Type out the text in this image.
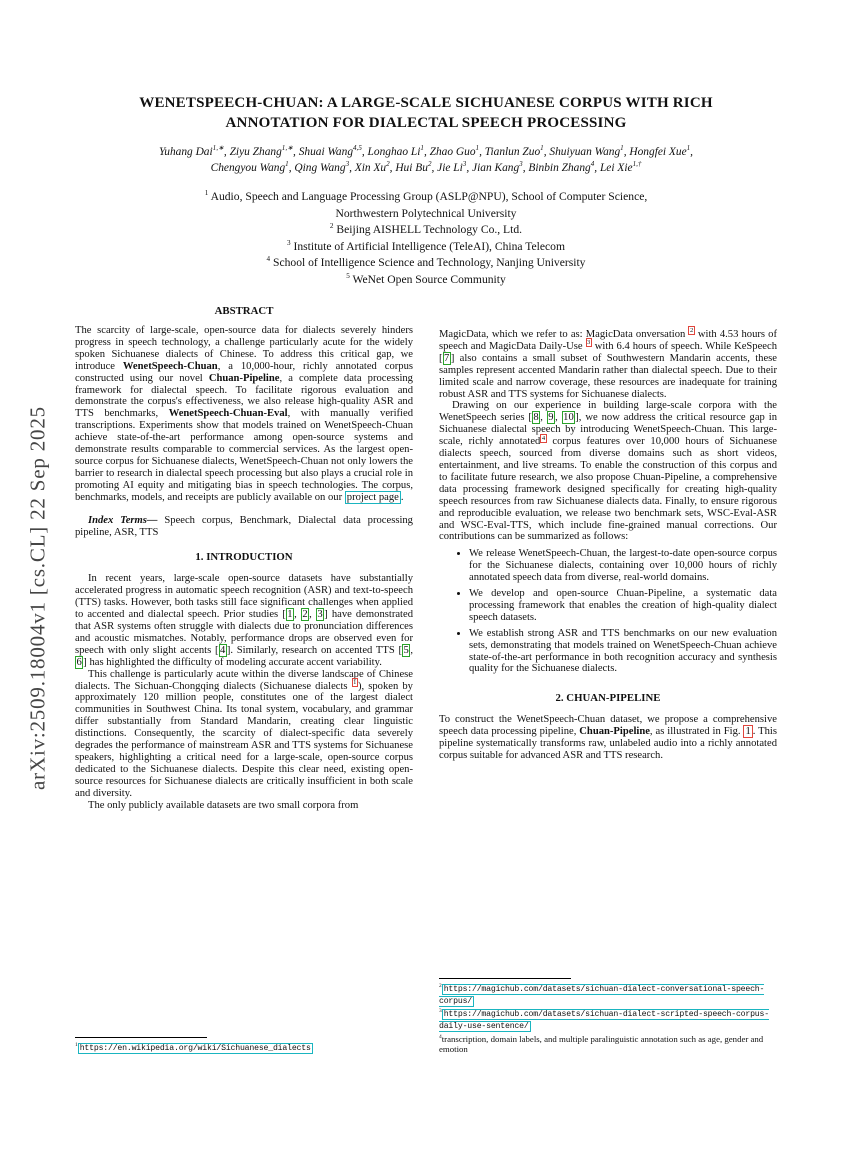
arXiv:2509.18004v1 [cs.CL] 22 Sep 2025
WENETSPEECH-CHUAN: A LARGE-SCALE SICHUANESE CORPUS WITH RICH
ANNOTATION FOR DIALECTAL SPEECH PROCESSING
Yuhang Dai$^{1,∗}$, Ziyu Zhang$^{1,∗}$, Shuai Wang$^{4,5}$, Longhao Li$^1$, Zhao Guo$^1$, Tianlun Zuo$^1$, Shuiyuan Wang$^1$, Hongfei Xue$^1$,
Chengyou Wang$^1$, Qing Wang$^3$, Xin Xu$^2$, Hui Bu$^2$, Jie Li$^3$, Jian Kang$^3$, Binbin Zhang$^4$, Lei Xie$^{1,\dagger}$
$^1$ Audio, Speech and Language Processing Group (ASLP@NPU), School of Computer Science,
Northwestern Polytechnical University
$^2$ Beijing AISHELL Technology Co., Ltd.
$^3$ Institute of Artificial Intelligence (TeleAI), China Telecom
$^4$ School of Intelligence Science and Technology, Nanjing University
$^5$ WeNet Open Source Community
ABSTRACT

The scarcity of large-scale, open-source data for dialects severely hinders progress in speech technology, a challenge particularly acute for the widely spoken Sichuanese dialects of Chinese. To address this critical gap, we introduce WenetSpeech-Chuan, a 10,000-hour, richly annotated corpus constructed using our novel Chuan-Pipeline, a complete data processing framework for dialectal speech. To facilitate rigorous evaluation and demonstrate the corpus's effectiveness, we also release high-quality ASR and TTS benchmarks, WenetSpeech-Chuan-Eval, with manually verified transcriptions. Experiments show that models trained on WenetSpeech-Chuan achieve state-of-the-art performance among open-source systems and demonstrate results comparable to commercial services. As the largest open-source corpus for Sichuanese dialects, WenetSpeech-Chuan not only lowers the barrier to research in dialectal speech processing but also plays a crucial role in promoting AI equity and mitigating bias in speech technologies. The corpus, benchmarks, models, and receipts are publicly available on our project page .

Index Terms— Speech corpus, Benchmark, Dialectal data processing pipeline, ASR, TTS

1. INTRODUCTION

In recent years, large-scale open-source datasets have substantially accelerated progress in automatic speech recognition (ASR) and text-to-speech (TTS) tasks. However, both tasks still face significant challenges when applied to accented and dialectal speech. Prior studies [ 1 , 2 , 3 ] have demonstrated that ASR systems often struggle with dialects due to pronunciation differences and acoustic mismatches. Notably, performance drops are observed even for speech with only slight accents [ 4 ]. Similarly, research on accented TTS [ 5 , 6 ] has highlighted the difficulty of modeling accurate accent variability.

This challenge is particularly acute within the diverse landscape of Chinese dialects. The Sichuan-Chongqing dialects (Sichuanese dialects $^1$ ), spoken by approximately 120 million people, constitutes one of the largest dialect communities in Southwest China. Its tonal system, vocabulary, and grammar differ substantially from Standard Mandarin, creating clear linguistic distinctions. Consequently, the scarcity of dialect-specific data severely degrades the performance of mainstream ASR and TTS systems for Sichuanese speakers, highlighting a critical need for a large-scale, open-source corpus dedicated to the Sichuanese dialects. Despite this clear need, existing open-source resources for Sichuanese dialects are critically insufficient in both scale and diversity.

The only publicly available datasets are two small corpora from

$^1$ https://en.wikipedia.org/wiki/Sichuanese_dialects

MagicData, which we refer to as: MagicData onversation $^2$ with 4.53 hours of speech and MagicData Daily-Use $^3$ with 6.4 hours of speech. While KeSpeech [ 7 ] also contains a small subset of Southwestern Mandarin accents, these samples represent accented Mandarin rather than dialectal speech. Due to their limited scale and narrow coverage, these resources are inadequate for training robust ASR and TTS systems for Sichuanese dialects.

Drawing on our experience in building large-scale corpora with the WenetSpeech series [ 8 , 9 , 10 ], we now address the critical resource gap in Sichuanese dialectal speech by introducing WenetSpeech-Chuan. This large-scale, richly annotated $^4$ corpus features over 10,000 hours of Sichuanese dialects speech, sourced from diverse domains such as short videos, entertainment, and live streams. To enable the construction of this corpus and to facilitate future research, we also propose Chuan-Pipeline, a comprehensive data processing framework designed specifically for creating high-quality speech resources from raw Sichuanese dialects data. Finally, to ensure rigorous and reproducible evaluation, we release two benchmark sets, WSC-Eval-ASR and WSC-Eval-TTS, which include fine-grained manual corrections. Our contributions can be summarized as follows:

• We release WenetSpeech-Chuan, the largest-to-date open-source corpus for the Sichuanese dialects, containing over 10,000 hours of richly annotated speech data from diverse, real-world domains.
• We develop and open-source Chuan-Pipeline, a systematic data processing framework that enables the creation of high-quality dialect speech datasets.
• We establish strong ASR and TTS benchmarks on our new evaluation sets, demonstrating that models trained on WenetSpeech-Chuan achieve state-of-the-art performance in both recognition accuracy and synthesis quality for the Sichuanese dialects.
2. CHUAN-PIPELINE

To construct the WenetSpeech-Chuan dataset, we propose a comprehensive speech data processing pipeline, Chuan-Pipeline, as illustrated in Fig. 1 . This pipeline systematically transforms raw, unlabeled audio into a richly annotated corpus suitable for advanced ASR and TTS research.

$^2$ https://magichub.com/datasets/sichuan-dialect-conversational-speech-corpus/
$^3$ https://magichub.com/datasets/sichuan-dialect-scripted-speech-corpus-daily-use-sentence/
$^4$transcription, domain labels, and multiple paralinguistic annotation such as age, gender and emotion
